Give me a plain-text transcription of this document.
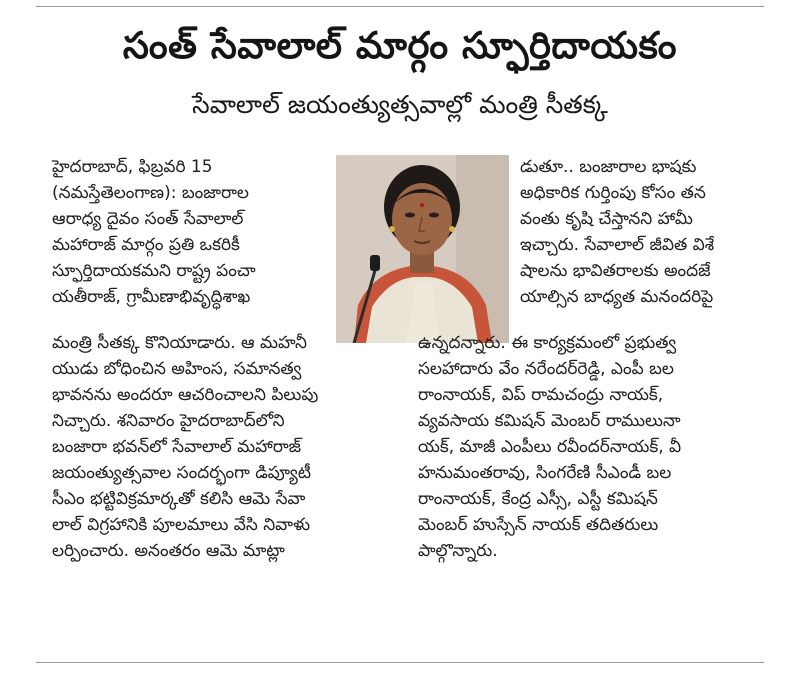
సంత్ సేవాలాల్ మార్గం స్ఫూర్తిదాయకం
సేవాలాల్ జయంత్యుత్సవాల్లో మంత్రి సీతక్క
హైదరాబాద్, ఫిబ్రవరి 15
(నమస్తేతెలంగాణ): బంజారాల
ఆరాధ్య దైవం సంత్ సేవాలాల్
మహారాజ్ మార్గం ప్రతి ఒకరికీ
స్ఫూర్తిదాయకమని రాష్ట్ర పంచా
యతీరాజ్, గ్రామీణాభివృద్ధిశాఖ
మంత్రి సీతక్క కొనియాడారు. ఆ మహనీ
యుడు బోధించిన అహింస, సమానత్వ
భావనను అందరూ ఆచరించాలని పిలుపు
నిచ్చారు. శనివారం హైదరాబాద్‌లోని
బంజారా భవన్‌లో సేవాలాల్ మహారాజ్
జయంత్యుత్సవాల సందర్భంగా డిప్యూటీ
సీఎం భట్టివిక్రమార్కతో కలిసి ఆమె సేవా
లాల్ విగ్రహానికి పూలమాలు వేసి నివాళు
లర్పించారు. అనంతరం ఆమె మాట్లా
డుతూ.. బంజారాల భాషకు
అధికారిక గుర్తింపు కోసం తన
వంతు కృషి చేస్తానని హామీ
ఇచ్చారు. సేవాలాల్ జీవిత విశే
షాలను భావితరాలకు అందజే
యాల్సిన బాధ్యత మనందరిపై
ఉన్నదన్నారు. ఈ కార్యక్రమంలో ప్రభుత్వ
సలహాదారు వేం నరేందర్‌రెడ్డి, ఎంపీ బల
రాంనాయక్, విప్ రామచంద్రు నాయక్,
వ్యవసాయ కమిషన్ మెంబర్ రాములునా
యక్, మాజీ ఎంపీలు రవీందర్‌నాయక్, వీ
హనుమంతరావు, సింగరేణి సీఎండీ బల
రాంనాయక్, కేంద్ర ఎస్సీ, ఎస్టీ కమిషన్
మెంబర్ హుస్సేన్ నాయక్ తదితరులు
పాల్గొన్నారు.
